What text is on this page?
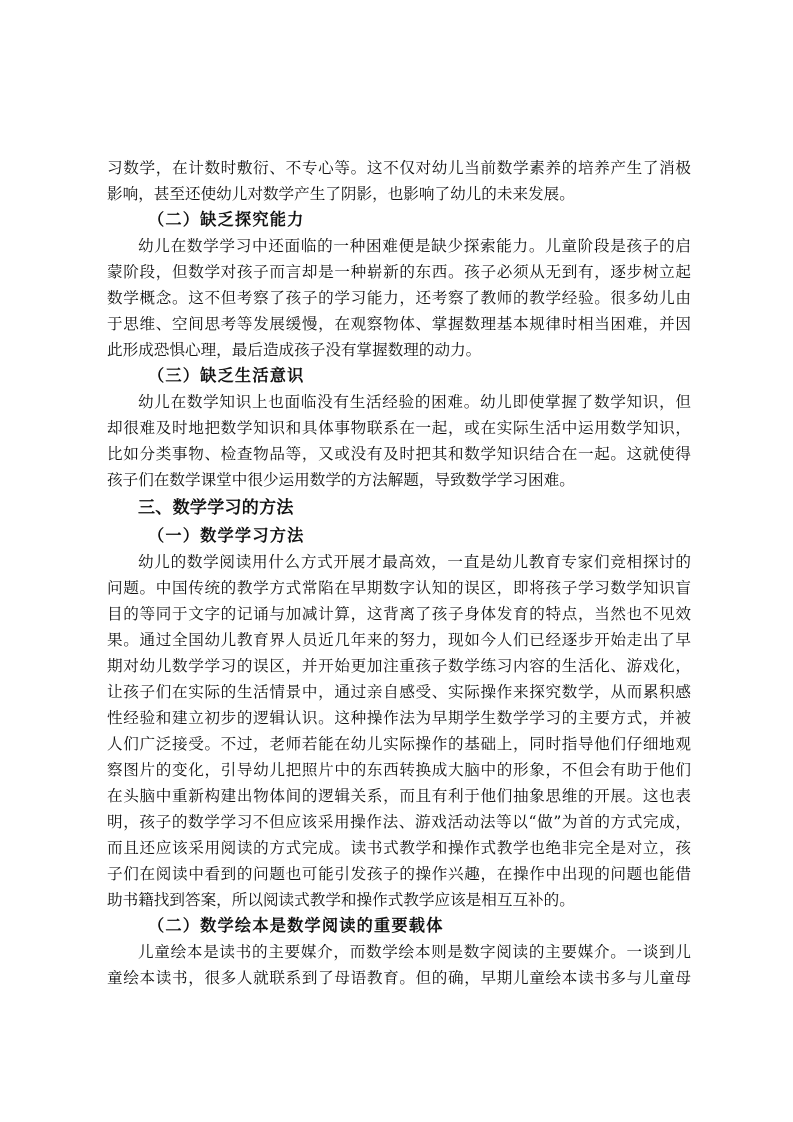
习数学，在计数时敷衍、不专心等。这不仅对幼儿当前数学素养的培养产生了消极
影响，甚至还使幼儿对数学产生了阴影，也影响了幼儿的未来发展。
（二）缺乏探究能力
幼儿在数学学习中还面临的一种困难便是缺少探索能力。儿童阶段是孩子的启
蒙阶段，但数学对孩子而言却是一种崭新的东西。孩子必须从无到有，逐步树立起
数学概念。这不但考察了孩子的学习能力，还考察了教师的教学经验。很多幼儿由
于思维、空间思考等发展缓慢，在观察物体、掌握数理基本规律时相当困难，并因
此形成恐惧心理，最后造成孩子没有掌握数理的动力。
（三）缺乏生活意识
幼儿在数学知识上也面临没有生活经验的困难。幼儿即使掌握了数学知识，但
却很难及时地把数学知识和具体事物联系在一起，或在实际生活中运用数学知识，
比如分类事物、检查物品等，又或没有及时把其和数学知识结合在一起。这就使得
孩子们在数学课堂中很少运用数学的方法解题，导致数学学习困难。
三、数学学习的方法
（一）数学学习方法
幼儿的数学阅读用什么方式开展才最高效，一直是幼儿教育专家们竞相探讨的
问题。中国传统的教学方式常陷在早期数字认知的误区，即将孩子学习数学知识盲
目的等同于文字的记诵与加减计算，这背离了孩子身体发育的特点，当然也不见效
果。通过全国幼儿教育界人员近几年来的努力，现如今人们已经逐步开始走出了早
期对幼儿数学学习的误区，并开始更加注重孩子数学练习内容的生活化、游戏化，
让孩子们在实际的生活情景中，通过亲自感受、实际操作来探究数学，从而累积感
性经验和建立初步的逻辑认识。这种操作法为早期学生数学学习的主要方式，并被
人们广泛接受。不过，老师若能在幼儿实际操作的基础上，同时指导他们仔细地观
察图片的变化，引导幼儿把照片中的东西转换成大脑中的形象，不但会有助于他们
在头脑中重新构建出物体间的逻辑关系，而且有利于他们抽象思维的开展。这也表
明，孩子的数学学习不但应该采用操作法、游戏活动法等以“做”为首的方式完成，
而且还应该采用阅读的方式完成。读书式教学和操作式教学也绝非完全是对立，孩
子们在阅读中看到的问题也可能引发孩子的操作兴趣，在操作中出现的问题也能借
助书籍找到答案，所以阅读式教学和操作式教学应该是相互互补的。
（二）数学绘本是数学阅读的重要载体
儿童绘本是读书的主要媒介，而数学绘本则是数字阅读的主要媒介。一谈到儿
童绘本读书，很多人就联系到了母语教育。但的确，早期儿童绘本读书多与儿童母
